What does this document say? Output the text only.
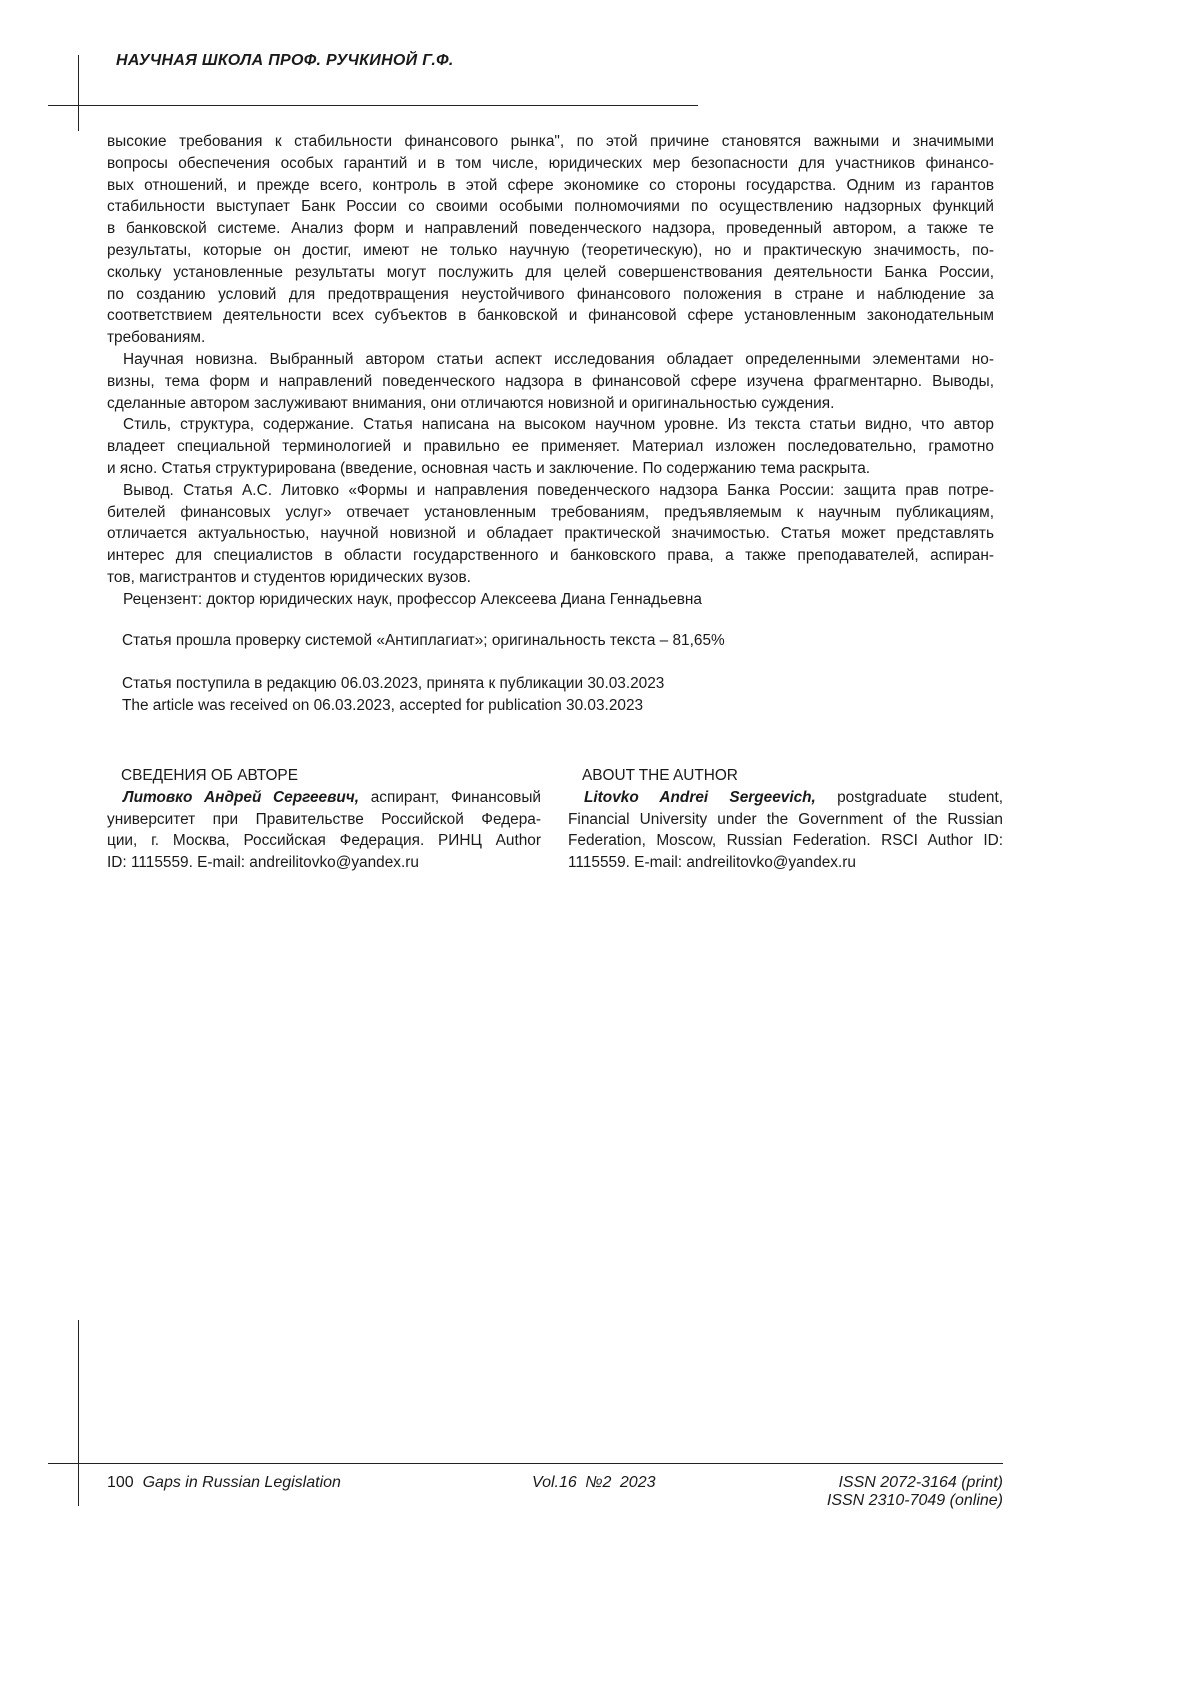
НАУЧНАЯ ШКОЛА ПРОФ. РУЧКИНОЙ Г.Ф.
высокие требования к стабильности финансового рынка", по этой причине становятся важными и значимыми
вопросы обеспечения особых гарантий и в том числе, юридических мер безопасности для участников финансо-
вых отношений, и прежде всего, контроль в этой сфере экономике со стороны государства. Одним из гарантов
стабильности выступает Банк России со своими особыми полномочиями по осуществлению надзорных функций
в банковской системе. Анализ форм и направлений поведенческого надзора, проведенный автором, а также те
результаты, которые он достиг, имеют не только научную (теоретическую), но и практическую значимость, по-
скольку установленные результаты могут послужить для целей совершенствования деятельности Банка России,
по созданию условий для предотвращения неустойчивого финансового положения в стране и наблюдение за
соответствием деятельности всех субъектов в банковской и финансовой сфере установленным законодательным
требованиям.
Научная новизна. Выбранный автором статьи аспект исследования обладает определенными элементами но-
визны, тема форм и направлений поведенческого надзора в финансовой сфере изучена фрагментарно. Выводы,
сделанные автором заслуживают внимания, они отличаются новизной и оригинальностью суждения.
Стиль, структура, содержание. Статья написана на высоком научном уровне. Из текста статьи видно, что автор
владеет специальной терминологией и правильно ее применяет. Материал изложен последовательно, грамотно
и ясно. Статья структурирована (введение, основная часть и заключение. По содержанию тема раскрыта.
Вывод. Статья А.С. Литовко «Формы и направления поведенческого надзора Банка России: защита прав потре-
бителей финансовых услуг» отвечает установленным требованиям, предъявляемым к научным публикациям,
отличается актуальностью, научной новизной и обладает практической значимостью. Статья может представлять
интерес для специалистов в области государственного и банковского права, а также преподавателей, аспиран-
тов, магистрантов и студентов юридических вузов.
Рецензент: доктор юридических наук, профессор Алексеева Диана Геннадьевна
Статья прошла проверку системой «Антиплагиат»; оригинальность текста – 81,65%
Статья поступила в редакцию 06.03.2023, принята к публикации 30.03.2023
The article was received on 06.03.2023, accepted for publication 30.03.2023
СВЕДЕНИЯ ОБ АВТОРЕ
Литовко Андрей Сергеевич, аспирант, Финансовый
университет при Правительстве Российской Федера-
ции, г. Москва, Российская Федерация. РИНЦ Author
ID: 1115559. E-mail: andreilitovko@yandex.ru
ABOUT THE AUTHOR
Litovko Andrei Sergeevich, postgraduate student,
Financial University under the Government of the Russian
Federation, Moscow, Russian Federation. RSCI Author ID:
1115559. E-mail: andreilitovko@yandex.ru
100 Gaps in Russian Legislation	Vol.16 №2 2023	ISSN 2072-3164 (print)
ISSN 2310-7049 (online)
